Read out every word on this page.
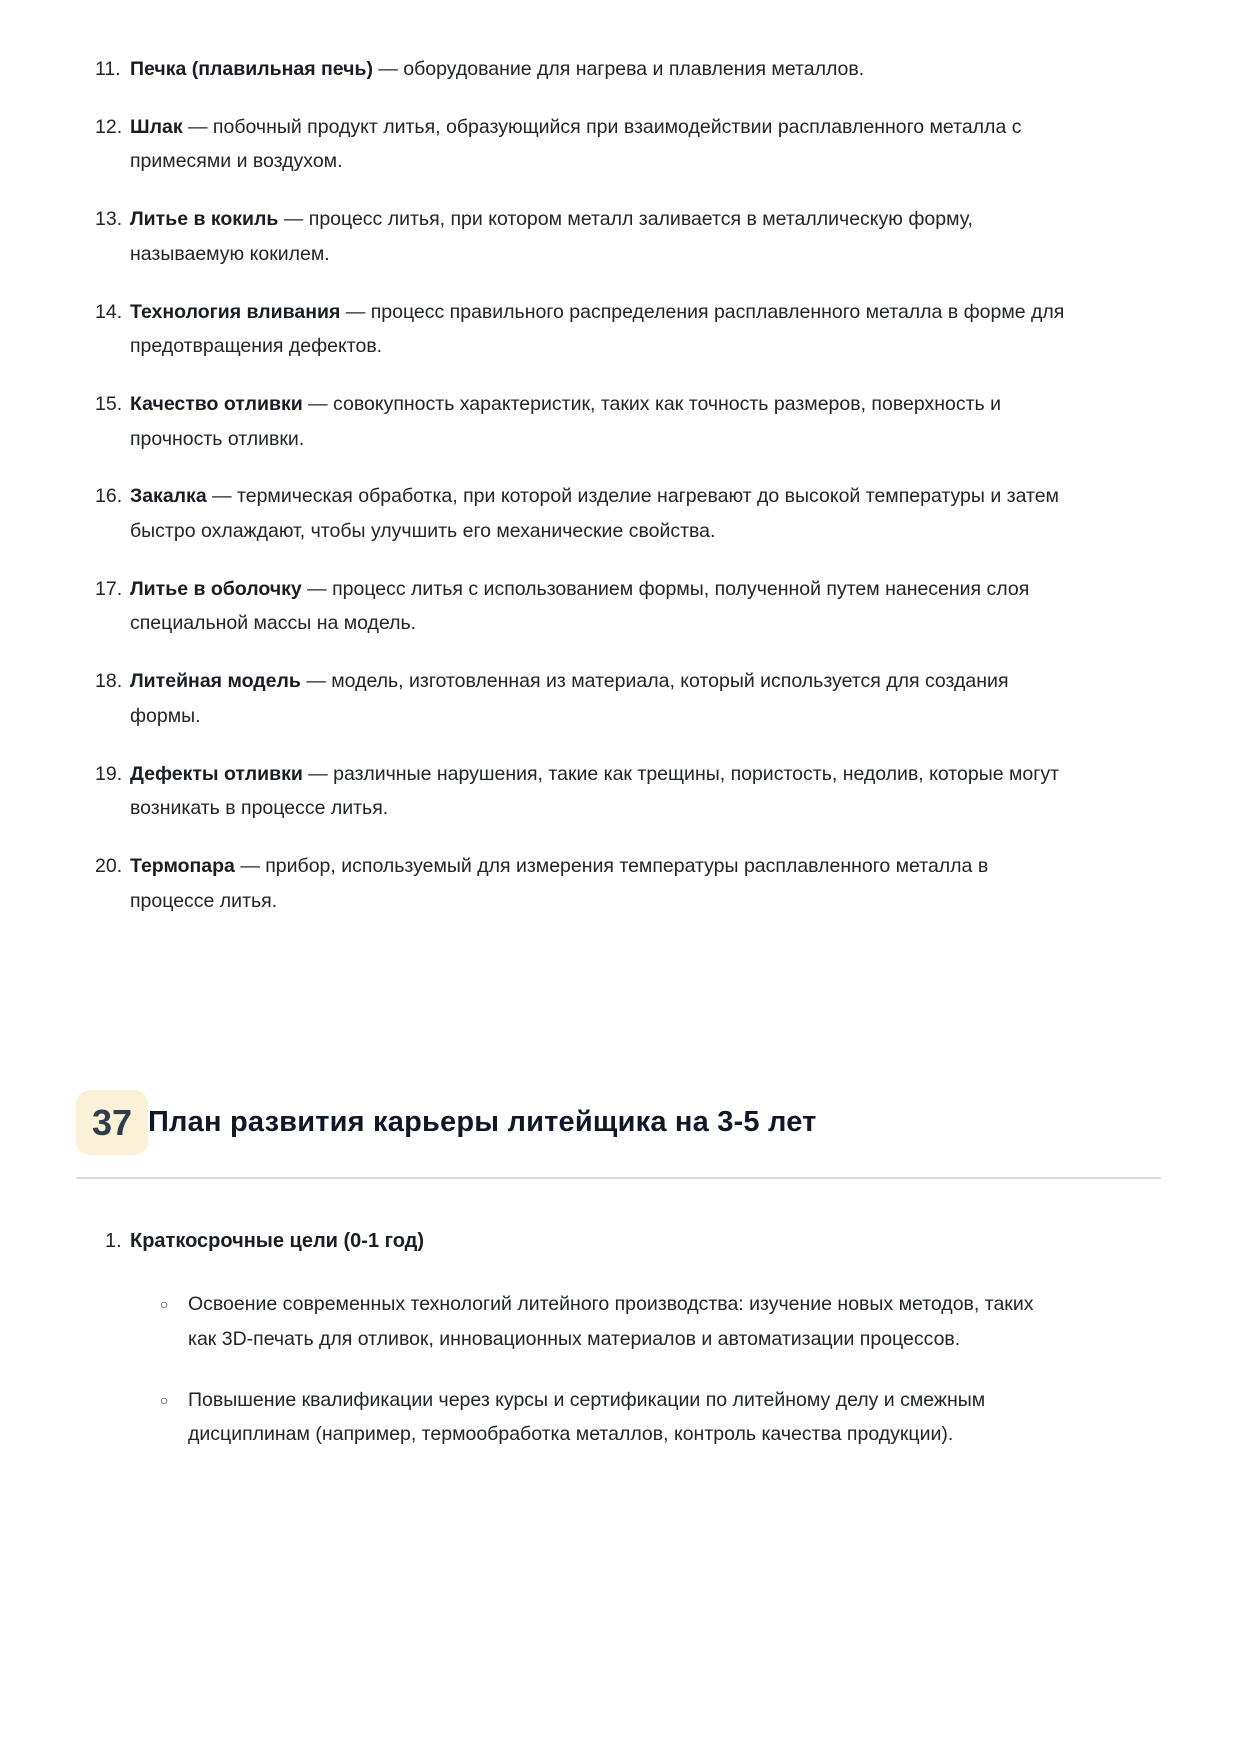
11. Печка (плавильная печь) — оборудование для нагрева и плавления металлов.
12. Шлак — побочный продукт литья, образующийся при взаимодействии расплавленного металла с примесями и воздухом.
13. Литье в кокиль — процесс литья, при котором металл заливается в металлическую форму, называемую кокилем.
14. Технология вливания — процесс правильного распределения расплавленного металла в форме для предотвращения дефектов.
15. Качество отливки — совокупность характеристик, таких как точность размеров, поверхность и прочность отливки.
16. Закалка — термическая обработка, при которой изделие нагревают до высокой температуры и затем быстро охлаждают, чтобы улучшить его механические свойства.
17. Литье в оболочку — процесс литья с использованием формы, полученной путем нанесения слоя специальной массы на модель.
18. Литейная модель — модель, изготовленная из материала, который используется для создания формы.
19. Дефекты отливки — различные нарушения, такие как трещины, пористость, недолив, которые могут возникать в процессе литья.
20. Термопара — прибор, используемый для измерения температуры расплавленного металла в процессе литья.
37 План развития карьеры литейщика на 3-5 лет
1. Краткосрочные цели (0-1 год)
○	Освоение современных технологий литейного производства: изучение новых методов, таких как 3D-печать для отливок, инновационных материалов и автоматизации процессов.
○	Повышение квалификации через курсы и сертификации по литейному делу и смежным дисциплинам (например, термообработка металлов, контроль качества продукции).
